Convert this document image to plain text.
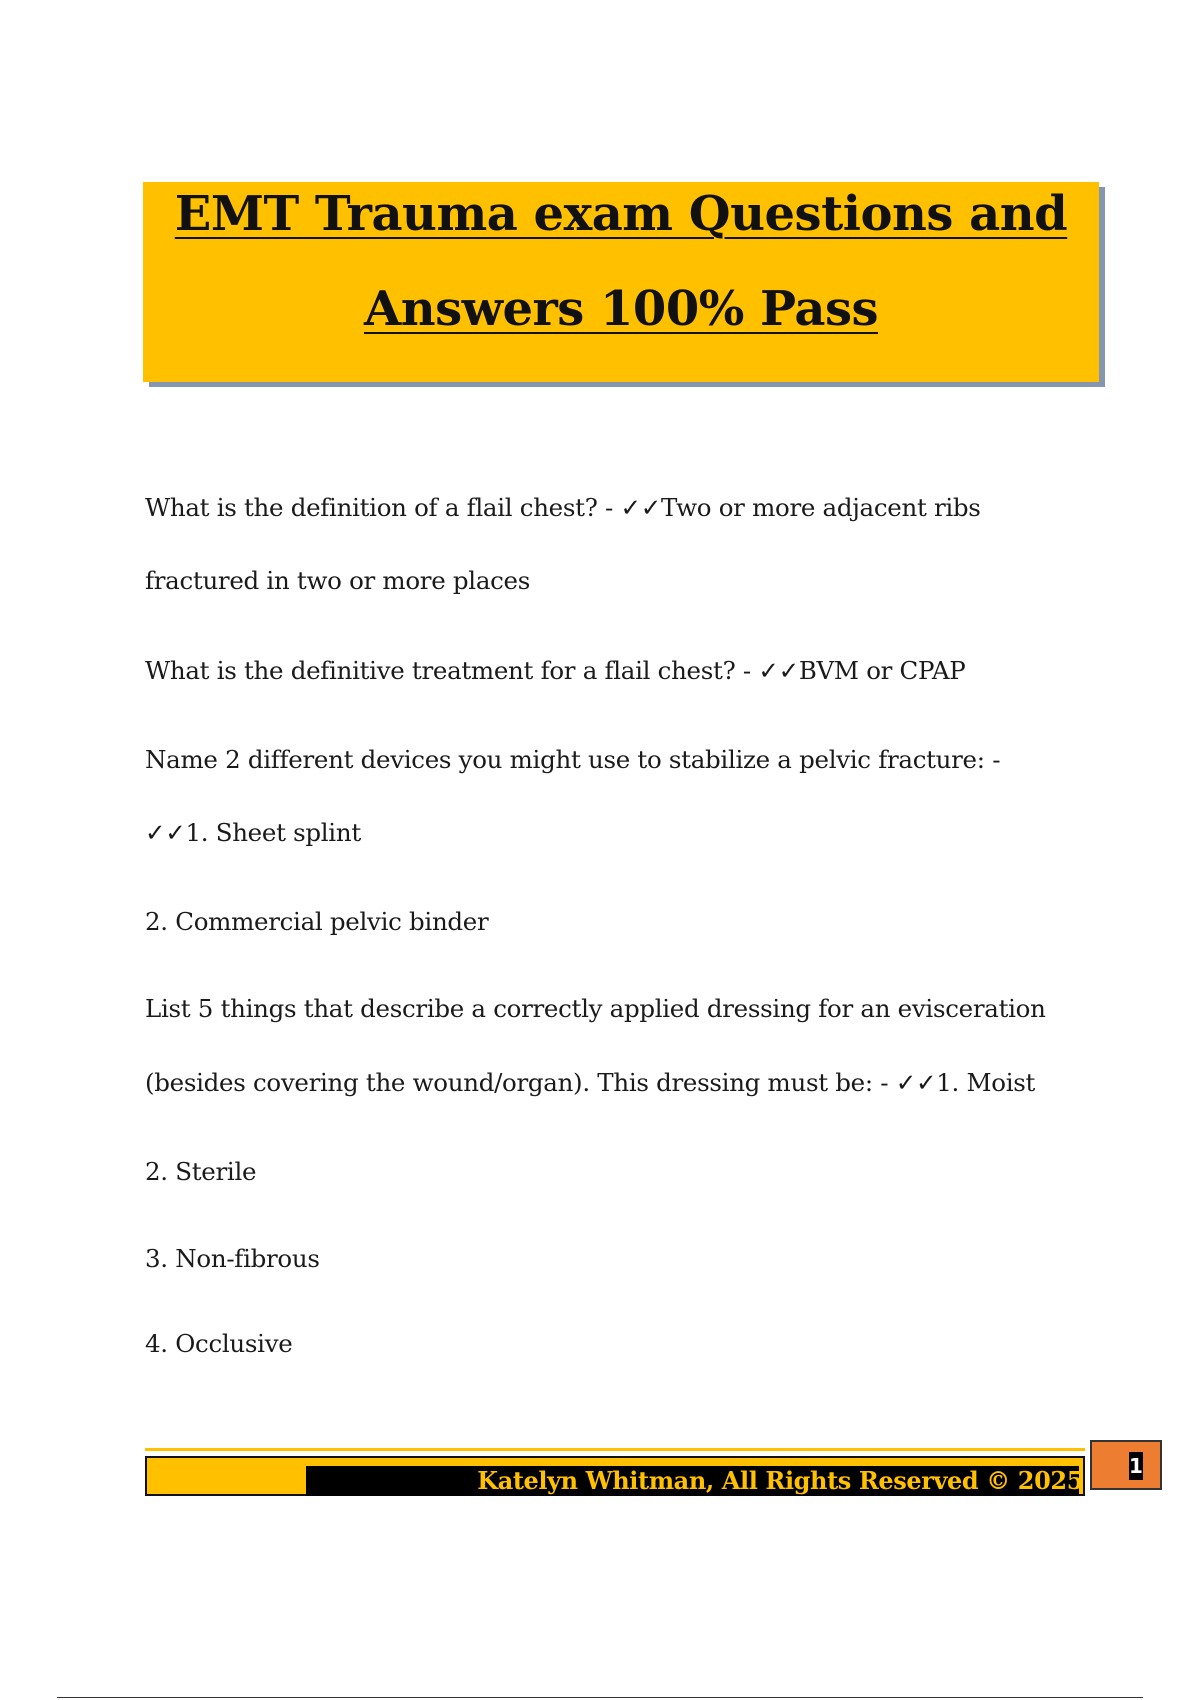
EMT Trauma exam Questions and
Answers 100% Pass
What is the definition of a flail chest? - ✓✓Two or more adjacent ribs
fractured in two or more places
What is the definitive treatment for a flail chest? - ✓✓BVM or CPAP
Name 2 different devices you might use to stabilize a pelvic fracture: -
✓✓1. Sheet splint
2. Commercial pelvic binder
List 5 things that describe a correctly applied dressing for an evisceration
(besides covering the wound/organ). This dressing must be: - ✓✓1. Moist
2. Sterile
3. Non-fibrous
4. Occlusive
Katelyn Whitman, All Rights Reserved © 2025 1
